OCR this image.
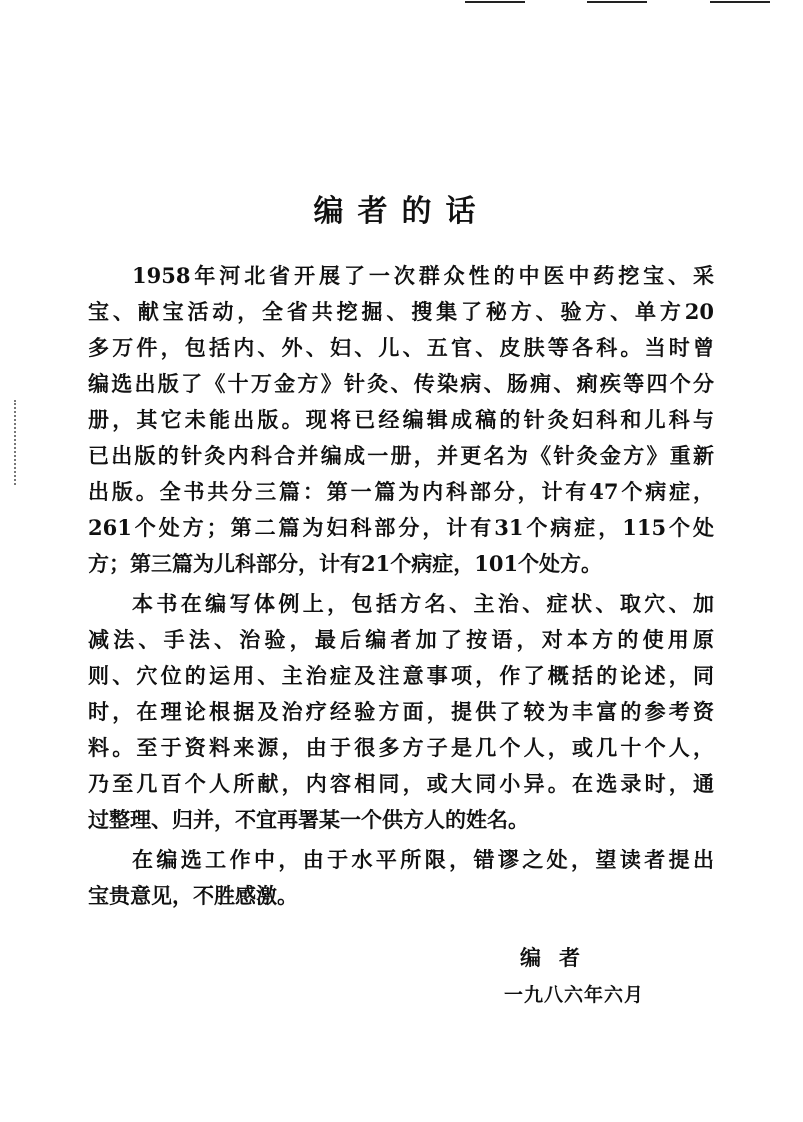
编者的话
1958年河北省开展了一次群众性的中医中药挖宝、采
宝、献宝活动，全省共挖掘、搜集了秘方、验方、单方20
多万件，包括内、外、妇、儿、五官、皮肤等各科。当时曾
编选出版了《十万金方》针灸、传染病、肠痈、痢疾等四个分
册，其它未能出版。现将已经编辑成稿的针灸妇科和儿科与
已出版的针灸内科合并编成一册，并更名为《针灸金方》重新
出版。全书共分三篇：第一篇为内科部分，计有47个病症，
261个处方；第二篇为妇科部分，计有31个病症，115个处
方；第三篇为儿科部分，计有21个病症，101个处方。
本书在编写体例上，包括方名、主治、症状、取穴、加
减法、手法、治验，最后编者加了按语，对本方的使用原
则、穴位的运用、主治症及注意事项，作了概括的论述，同
时，在理论根据及治疗经验方面，提供了较为丰富的参考资
料。至于资料来源，由于很多方子是几个人，或几十个人，
乃至几百个人所献，内容相同，或大同小异。在选录时，通
过整理、归并，不宜再署某一个供方人的姓名。
在编选工作中，由于水平所限，错谬之处，望读者提出
宝贵意见，不胜感激。
编者
一九八六年六月
